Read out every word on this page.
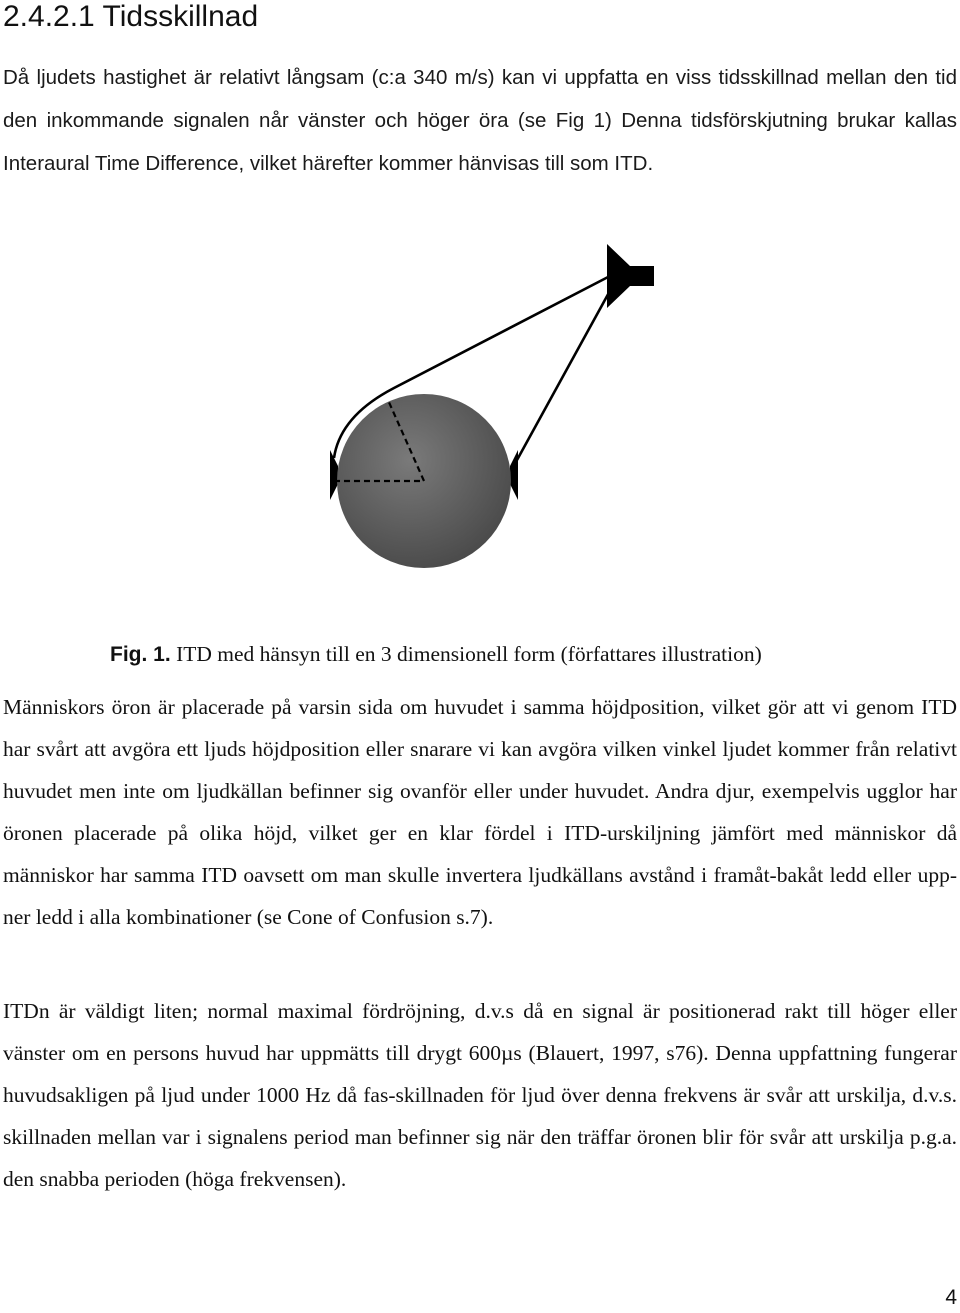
2.4.2.1 Tidsskillnad

Då ljudets hastighet är relativt långsam (c:a 340 m/s) kan vi uppfatta en viss tidsskillnad mellan den tid den inkommande signalen når vänster och höger öra (se Fig 1) Denna tidsförskjutning brukar kallas Interaural Time Difference, vilket härefter kommer hänvisas till som ITD.

Fig. 1. ITD med hänsyn till en 3 dimensionell form (författares illustration)

Människors öron är placerade på varsin sida om huvudet i samma höjdposition, vilket gör att vi genom ITD har svårt att avgöra ett ljuds höjdposition eller snarare vi kan avgöra vilken vinkel ljudet kommer från relativt huvudet men inte om ljudkällan befinner sig ovanför eller under huvudet. Andra djur, exempelvis ugglor har öronen placerade på olika höjd, vilket ger en klar fördel i ITD-urskiljning jämfört med människor då människor har samma ITD oavsett om man skulle invertera ljudkällans avstånd i framåt-bakåt ledd eller upp-ner ledd i alla kombinationer (se Cone of Confusion s.7).

ITDn är väldigt liten; normal maximal fördröjning, d.v.s då en signal är positionerad rakt till höger eller vänster om en persons huvud har uppmätts till drygt 600µs (Blauert, 1997, s76). Denna uppfattning fungerar huvudsakligen på ljud under 1000 Hz då fas-skillnaden för ljud över denna frekvens är svår att urskilja, d.v.s. skillnaden mellan var i signalens period man befinner sig när den träffar öronen blir för svår att urskilja p.g.a. den snabba perioden (höga frekvensen).

4
